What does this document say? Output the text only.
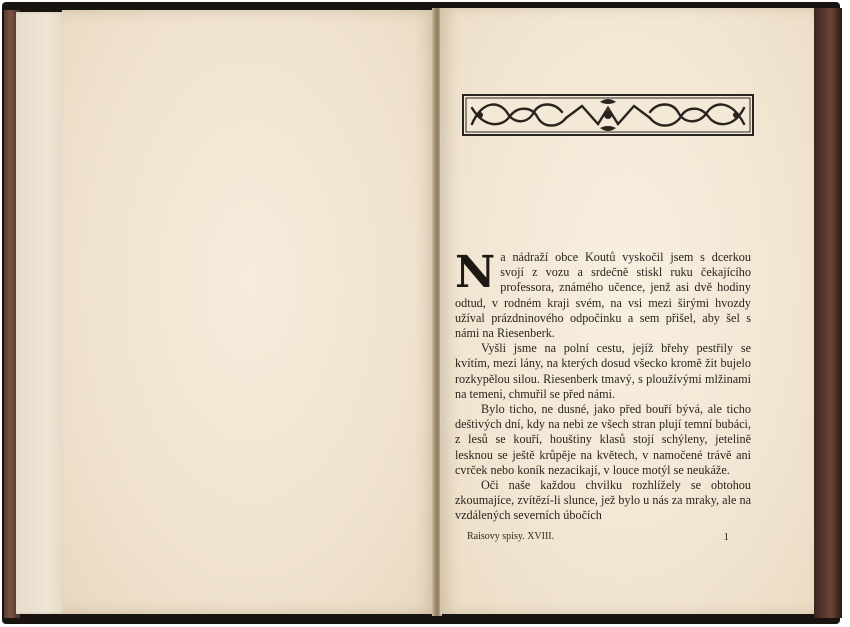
Na nádraží obce Koutů vyskočil jsem s dcerkou svojí z vozu a srdečně stiskl ruku čekajícího professora, známého učence, jenž asi dvě hodiny odtud, v rodném kraji svém, na vsi mezi širými hvozdy užíval prázdninového odpočinku a sem přišel, aby šel s námi na Riesenberk.

Vyšli jsme na polní cestu, jejíž břehy pestřily se kvítím, mezi lány, na kterých dosud všecko kromě žit bujelo rozkypělou silou. Riesenberk tmavý, s ploužívými mlžinami na temeni, chmuřil se před námi.

Bylo ticho, ne dusné, jako před bouří bývá, ale ticho deštivých dní, kdy na nebi ze všech stran plují temní bubáci, z lesů se kouří, houštiny klasů stojí schýleny, jetelině lesknou se ještě krůpěje na květech, v namočené trávě ani cvrček nebo koník nezacikají, v louce motýl se neukáže.

Oči naše každou chvilku rozhlížely se obtohou zkoumajíce, zvítězí-li slunce, jež bylo u nás za mraky, ale na vzdálených severních úbočích

Raisovy spisy. XVIII.	1
